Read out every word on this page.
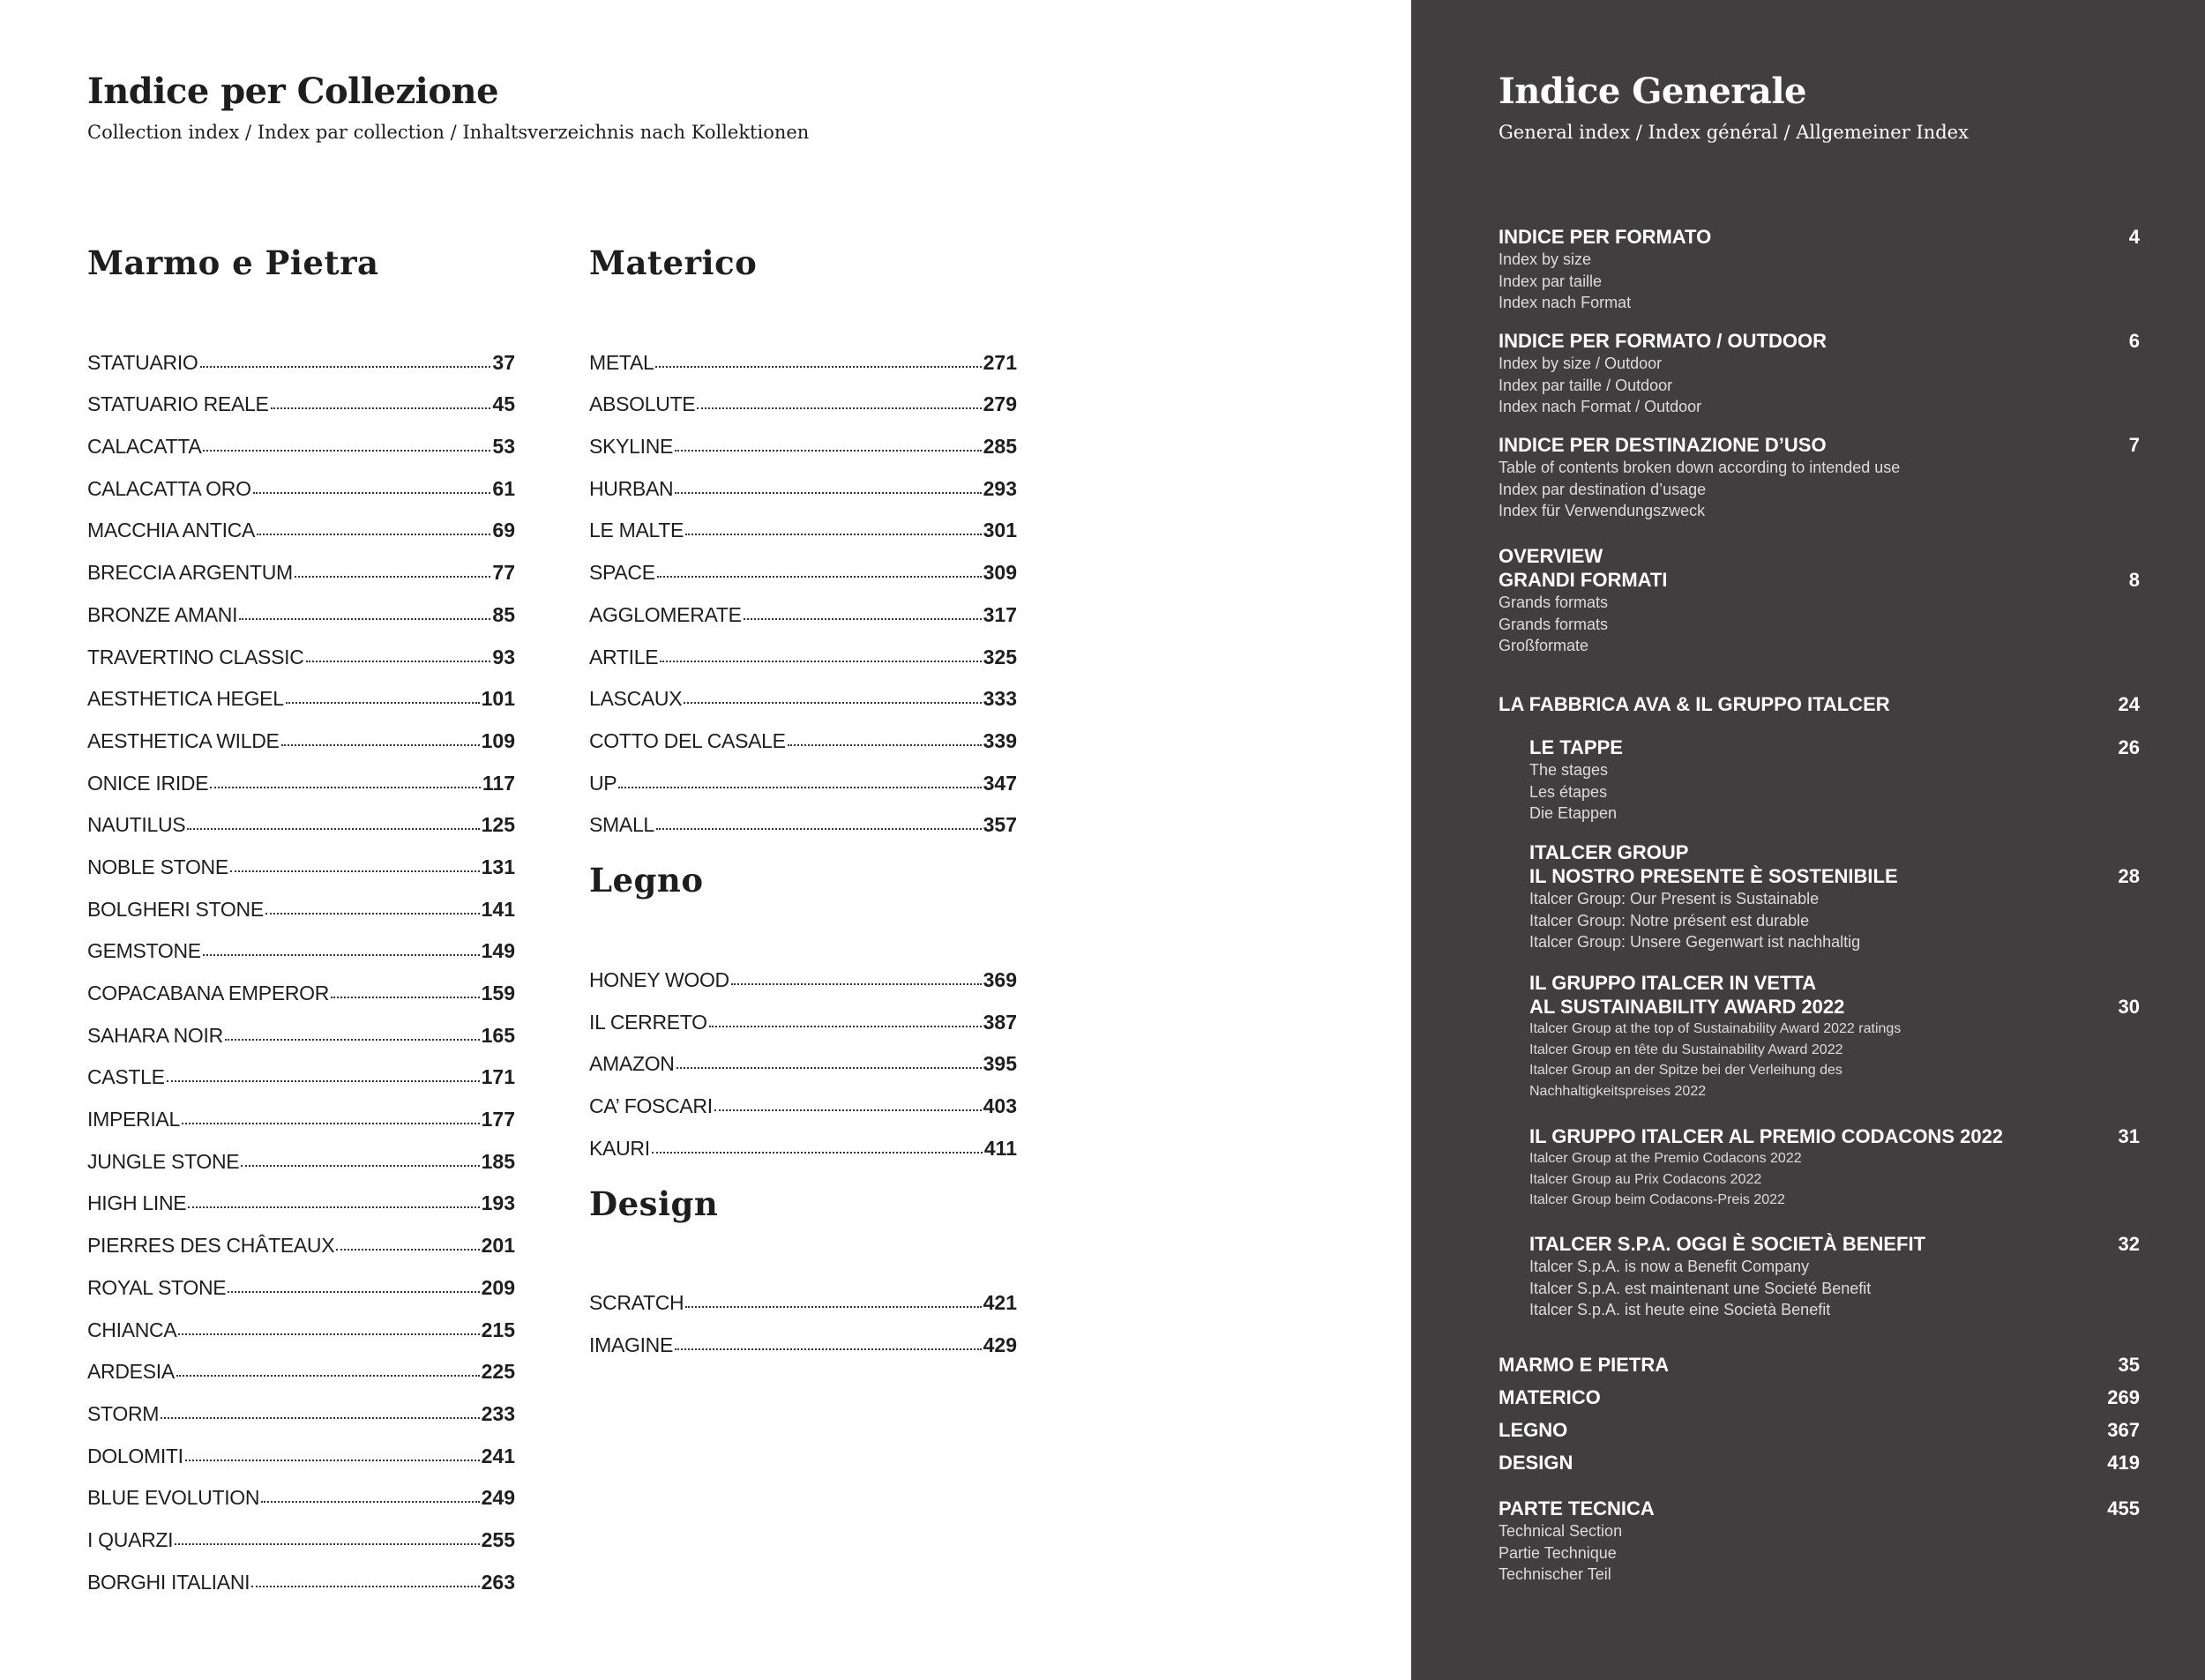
Indice per Collezione
Collection index / Index par collection / Inhaltsverzeichnis nach Kollektionen
Marmo e Pietra
STATUARIO	37
STATUARIO REALE	45
CALACATTA	53
CALACATTA ORO	61
MACCHIA ANTICA	69
BRECCIA ARGENTUM	77
BRONZE AMANI	85
TRAVERTINO CLASSIC	93
AESTHETICA HEGEL	101
AESTHETICA WILDE	109
ONICE IRIDE	117
NAUTILUS	125
NOBLE STONE	131
BOLGHERI STONE	141
GEMSTONE	149
COPACABANA EMPEROR	159
SAHARA NOIR	165
CASTLE	171
IMPERIAL	177
JUNGLE STONE	185
HIGH LINE	193
PIERRES DES CHÂTEAUX	201
ROYAL STONE	209
CHIANCA	215
ARDESIA	225
STORM	233
DOLOMITI	241
BLUE EVOLUTION	249
I QUARZI	255
BORGHI ITALIANI	263
Materico
METAL	271
ABSOLUTE	279
SKYLINE	285
HURBAN	293
LE MALTE	301
SPACE	309
AGGLOMERATE	317
ARTILE	325
LASCAUX	333
COTTO DEL CASALE	339
UP	347
SMALL	357
Legno
HONEY WOOD	369
IL CERRETO	387
AMAZON	395
CA’ FOSCARI	403
KAURI	411
Design
SCRATCH	421
IMAGINE	429
Indice Generale
General index / Index général / Allgemeiner Index
INDICE PER FORMATO	4
Index by size
Index par taille
Index nach Format
INDICE PER FORMATO / OUTDOOR	6
Index by size / Outdoor
Index par taille / Outdoor
Index nach Format / Outdoor
INDICE PER DESTINAZIONE D’USO	7
Table of contents broken down according to intended use
Index par destination d’usage
Index für Verwendungszweck
OVERVIEW
GRANDI FORMATI	8
Grands formats
Grands formats
Großformate
LA FABBRICA AVA & IL GRUPPO ITALCER	24
LE TAPPE	26
The stages
Les étapes
Die Etappen
ITALCER GROUP
IL NOSTRO PRESENTE È SOSTENIBILE	28
Italcer Group: Our Present is Sustainable
Italcer Group: Notre présent est durable
Italcer Group: Unsere Gegenwart ist nachhaltig
IL GRUPPO ITALCER IN VETTA
AL SUSTAINABILITY AWARD 2022	30
Italcer Group at the top of Sustainability Award 2022 ratings
Italcer Group en tête du Sustainability Award 2022
Italcer Group an der Spitze bei der Verleihung des
Nachhaltigkeitspreises 2022
IL GRUPPO ITALCER AL PREMIO CODACONS 2022	31
Italcer Group at the Premio Codacons 2022
Italcer Group au Prix Codacons 2022
Italcer Group beim Codacons-Preis 2022
ITALCER S.P.A. OGGI È SOCIETÀ BENEFIT	32
Italcer S.p.A. is now a Benefit Company
Italcer S.p.A. est maintenant une Societé Benefit
Italcer S.p.A. ist heute eine Società Benefit
MARMO E PIETRA	35
MATERICO	269
LEGNO	367
DESIGN	419
PARTE TECNICA	455
Technical Section
Partie Technique
Technischer Teil
